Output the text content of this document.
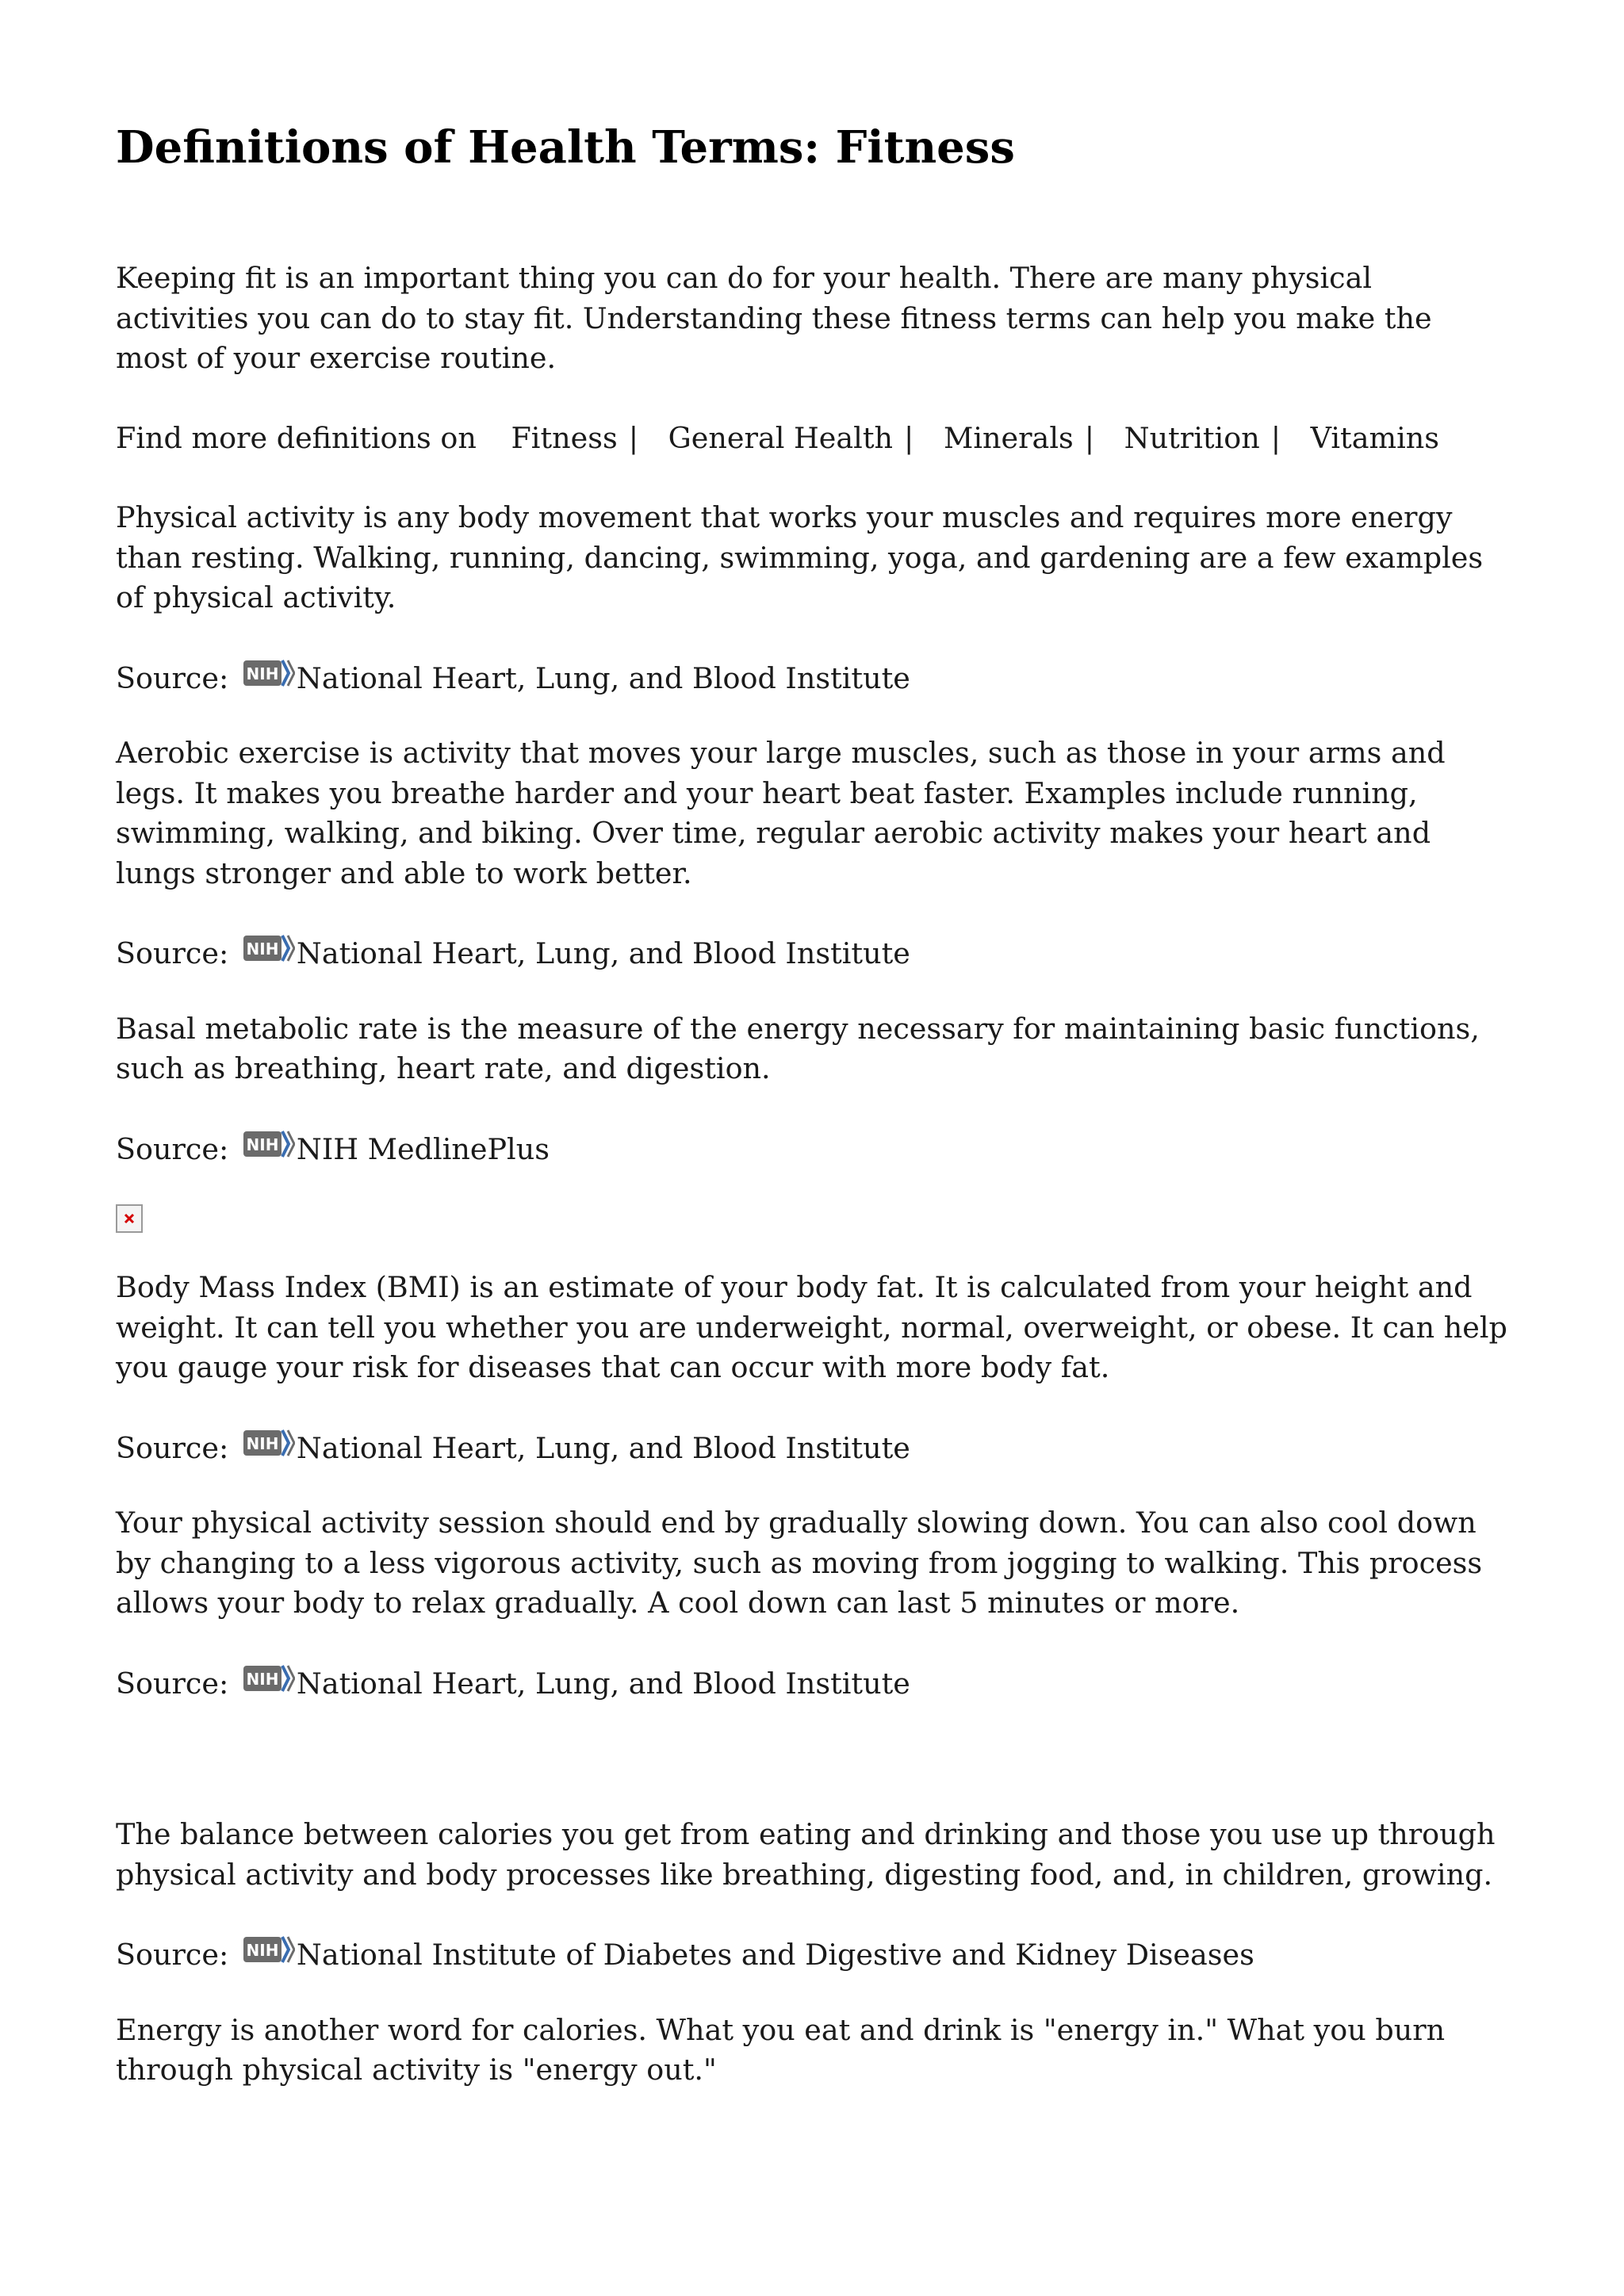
Definitions of Health Terms: Fitness

Keeping fit is an important thing you can do for your health. There are many physical activities you can do to stay fit. Understanding these fitness terms can help you make the most of your exercise routine.

Find more definitions on Fitness | General Health | Minerals | Nutrition | Vitamins

Physical activity is any body movement that works your muscles and requires more energy than resting. Walking, running, dancing, swimming, yoga, and gardening are a few examples of physical activity.

Source: NIH National Heart, Lung, and Blood Institute

Aerobic exercise is activity that moves your large muscles, such as those in your arms and legs. It makes you breathe harder and your heart beat faster. Examples include running, swimming, walking, and biking. Over time, regular aerobic activity makes your heart and lungs stronger and able to work better.

Source: NIH National Heart, Lung, and Blood Institute

Basal metabolic rate is the measure of the energy necessary for maintaining basic functions, such as breathing, heart rate, and digestion.

Source: NIH NIH MedlinePlus

Body Mass Index (BMI) is an estimate of your body fat. It is calculated from your height and weight. It can tell you whether you are underweight, normal, overweight, or obese. It can help you gauge your risk for diseases that can occur with more body fat.

Source: NIH National Heart, Lung, and Blood Institute

Your physical activity session should end by gradually slowing down. You can also cool down by changing to a less vigorous activity, such as moving from jogging to walking. This process allows your body to relax gradually. A cool down can last 5 minutes or more.

Source: NIH National Heart, Lung, and Blood Institute

The balance between calories you get from eating and drinking and those you use up through physical activity and body processes like breathing, digesting food, and, in children, growing.

Source: NIH National Institute of Diabetes and Digestive and Kidney Diseases

Energy is another word for calories. What you eat and drink is "energy in." What you burn through physical activity is "energy out."
